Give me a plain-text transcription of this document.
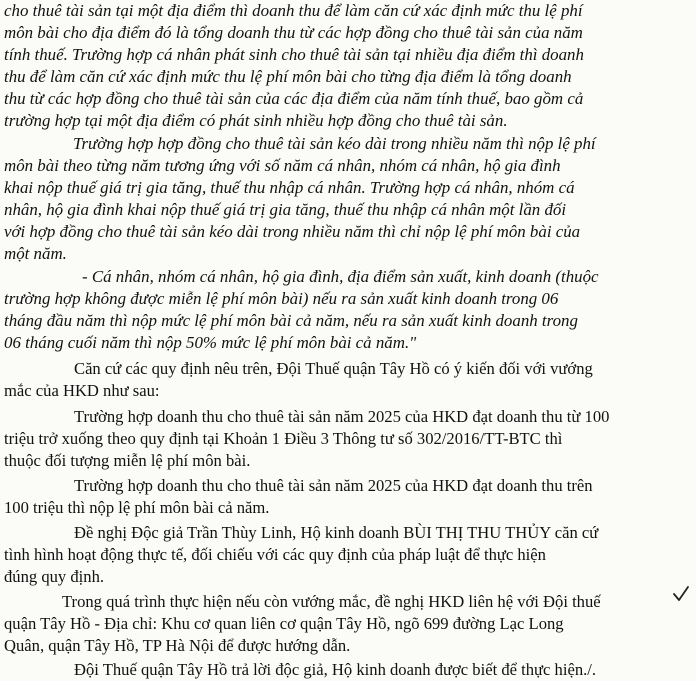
cho thuê tài sản tại một địa điểm thì doanh thu để làm căn cứ xác định mức thu lệ phí
môn bài cho địa điểm đó là tổng doanh thu từ các hợp đồng cho thuê tài sản của năm
tính thuế. Trường hợp cá nhân phát sinh cho thuê tài sản tại nhiều địa điểm thì doanh
thu để làm căn cứ xác định mức thu lệ phí môn bài cho từng địa điểm là tổng doanh
thu từ các hợp đồng cho thuê tài sản của các địa điểm của năm tính thuế, bao gồm cả
trường hợp tại một địa điểm có phát sinh nhiều hợp đồng cho thuê tài sản.
Trường hợp hợp đồng cho thuê tài sản kéo dài trong nhiều năm thì nộp lệ phí
môn bài theo từng năm tương ứng với số năm cá nhân, nhóm cá nhân, hộ gia đình
khai nộp thuế giá trị gia tăng, thuế thu nhập cá nhân. Trường hợp cá nhân, nhóm cá
nhân, hộ gia đình khai nộp thuế giá trị gia tăng, thuế thu nhập cá nhân một lần đối
với hợp đồng cho thuê tài sản kéo dài trong nhiều năm thì chỉ nộp lệ phí môn bài của
một năm.
- Cá nhân, nhóm cá nhân, hộ gia đình, địa điểm sản xuất, kinh doanh (thuộc
trường hợp không được miễn lệ phí môn bài) nếu ra sản xuất kinh doanh trong 06
tháng đầu năm thì nộp mức lệ phí môn bài cả năm, nếu ra sản xuất kinh doanh trong
06 tháng cuối năm thì nộp 50% mức lệ phí môn bài cả năm."
Căn cứ các quy định nêu trên, Đội Thuế quận Tây Hồ có ý kiến đối với vướng
mắc của HKD như sau:
Trường hợp doanh thu cho thuê tài sản năm 2025 của HKD đạt doanh thu từ 100
triệu trở xuống theo quy định tại Khoản 1 Điều 3 Thông tư số 302/2016/TT-BTC thì
thuộc đối tượng miễn lệ phí môn bài.
Trường hợp doanh thu cho thuê tài sản năm 2025 của HKD đạt doanh thu trên
100 triệu thì nộp lệ phí môn bài cả năm.
Đề nghị Độc giả Trần Thùy Linh, Hộ kinh doanh BÙI THỊ THU THỦY căn cứ
tình hình hoạt động thực tế, đối chiếu với các quy định của pháp luật để thực hiện
đúng quy định.
Trong quá trình thực hiện nếu còn vướng mắc, đề nghị HKD liên hệ với Đội thuế
quận Tây Hồ - Địa chỉ: Khu cơ quan liên cơ quận Tây Hồ, ngõ 699 đường Lạc Long
Quân, quận Tây Hồ, TP Hà Nội để được hướng dẫn.
Đội Thuế quận Tây Hồ trả lời độc giả, Hộ kinh doanh được biết để thực hiện./.
